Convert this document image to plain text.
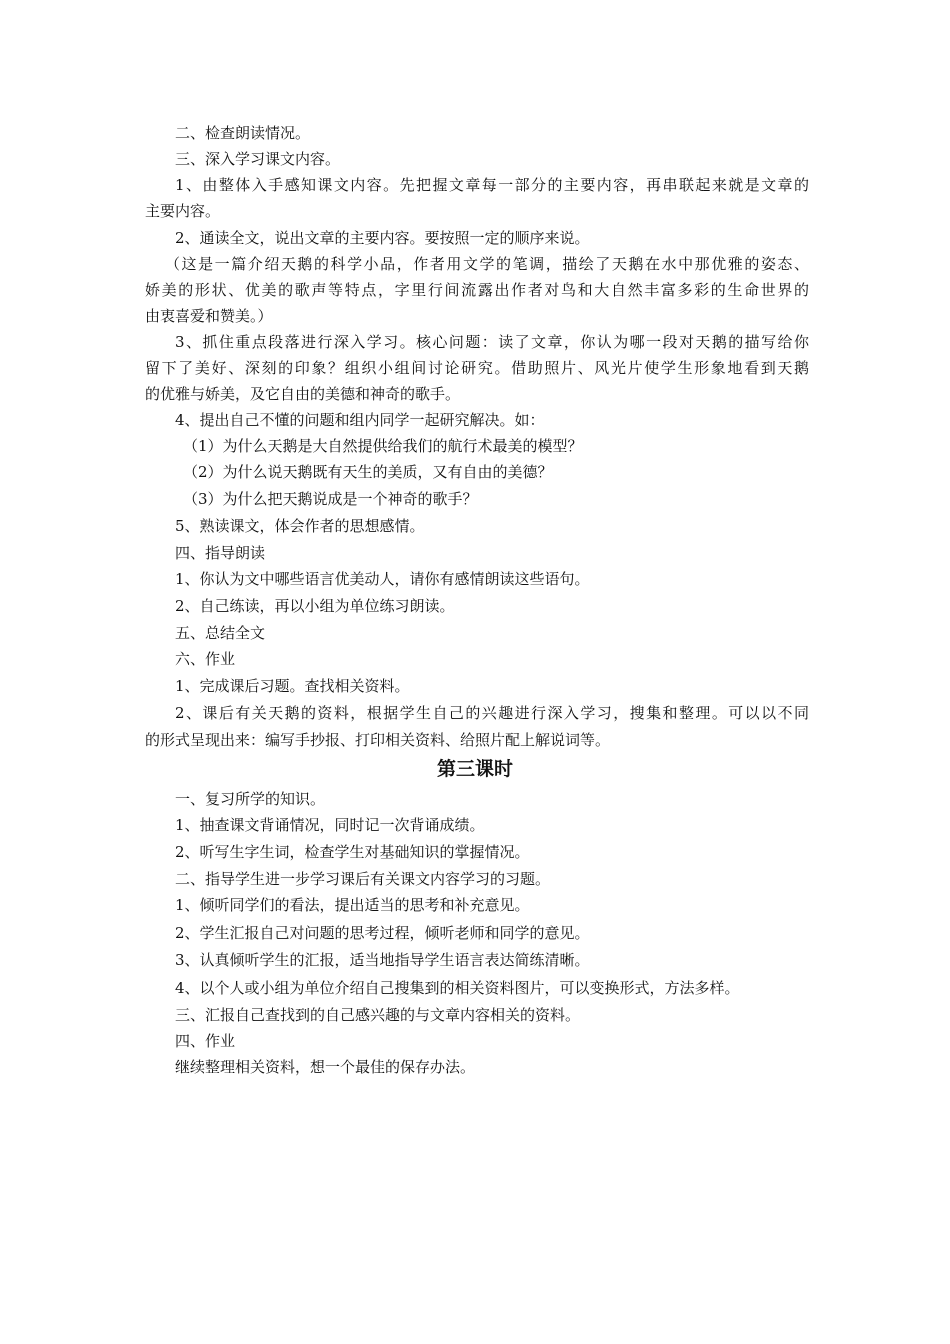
二、检查朗读情况。

三、深入学习课文内容。

1、由整体入手感知课文内容。先把握文章每一部分的主要内容，再串联起来就是文章的

主要内容。

2、通读全文，说出文章的主要内容。要按照一定的顺序来说。

（这是一篇介绍天鹅的科学小品，作者用文学的笔调，描绘了天鹅在水中那优雅的姿态、

娇美的形状、优美的歌声等特点，字里行间流露出作者对鸟和大自然丰富多彩的生命世界的

由衷喜爱和赞美。）

3、抓住重点段落进行深入学习。核心问题：读了文章，你认为哪一段对天鹅的描写给你

留下了美好、深刻的印象？组织小组间讨论研究。借助照片、风光片使学生形象地看到天鹅

的优雅与娇美，及它自由的美德和神奇的歌手。

4、提出自己不懂的问题和组内同学一起研究解决。如：

（1）为什么天鹅是大自然提供给我们的航行术最美的模型？

（2）为什么说天鹅既有天生的美质，又有自由的美德？

（3）为什么把天鹅说成是一个神奇的歌手？

5、熟读课文，体会作者的思想感情。

四、指导朗读

1、你认为文中哪些语言优美动人，请你有感情朗读这些语句。

2、自己练读，再以小组为单位练习朗读。

五、总结全文

六、作业

1、完成课后习题。查找相关资料。

2、课后有关天鹅的资料，根据学生自己的兴趣进行深入学习，搜集和整理。可以以不同

的形式呈现出来：编写手抄报、打印相关资料、给照片配上解说词等。

第三课时

一、复习所学的知识。

1、抽查课文背诵情况，同时记一次背诵成绩。

2、听写生字生词，检查学生对基础知识的掌握情况。

二、指导学生进一步学习课后有关课文内容学习的习题。

1、倾听同学们的看法，提出适当的思考和补充意见。

2、学生汇报自己对问题的思考过程，倾听老师和同学的意见。

3、认真倾听学生的汇报，适当地指导学生语言表达简练清晰。

4、以个人或小组为单位介绍自己搜集到的相关资料图片，可以变换形式，方法多样。

三、汇报自己查找到的自己感兴趣的与文章内容相关的资料。

四、作业

继续整理相关资料，想一个最佳的保存办法。
